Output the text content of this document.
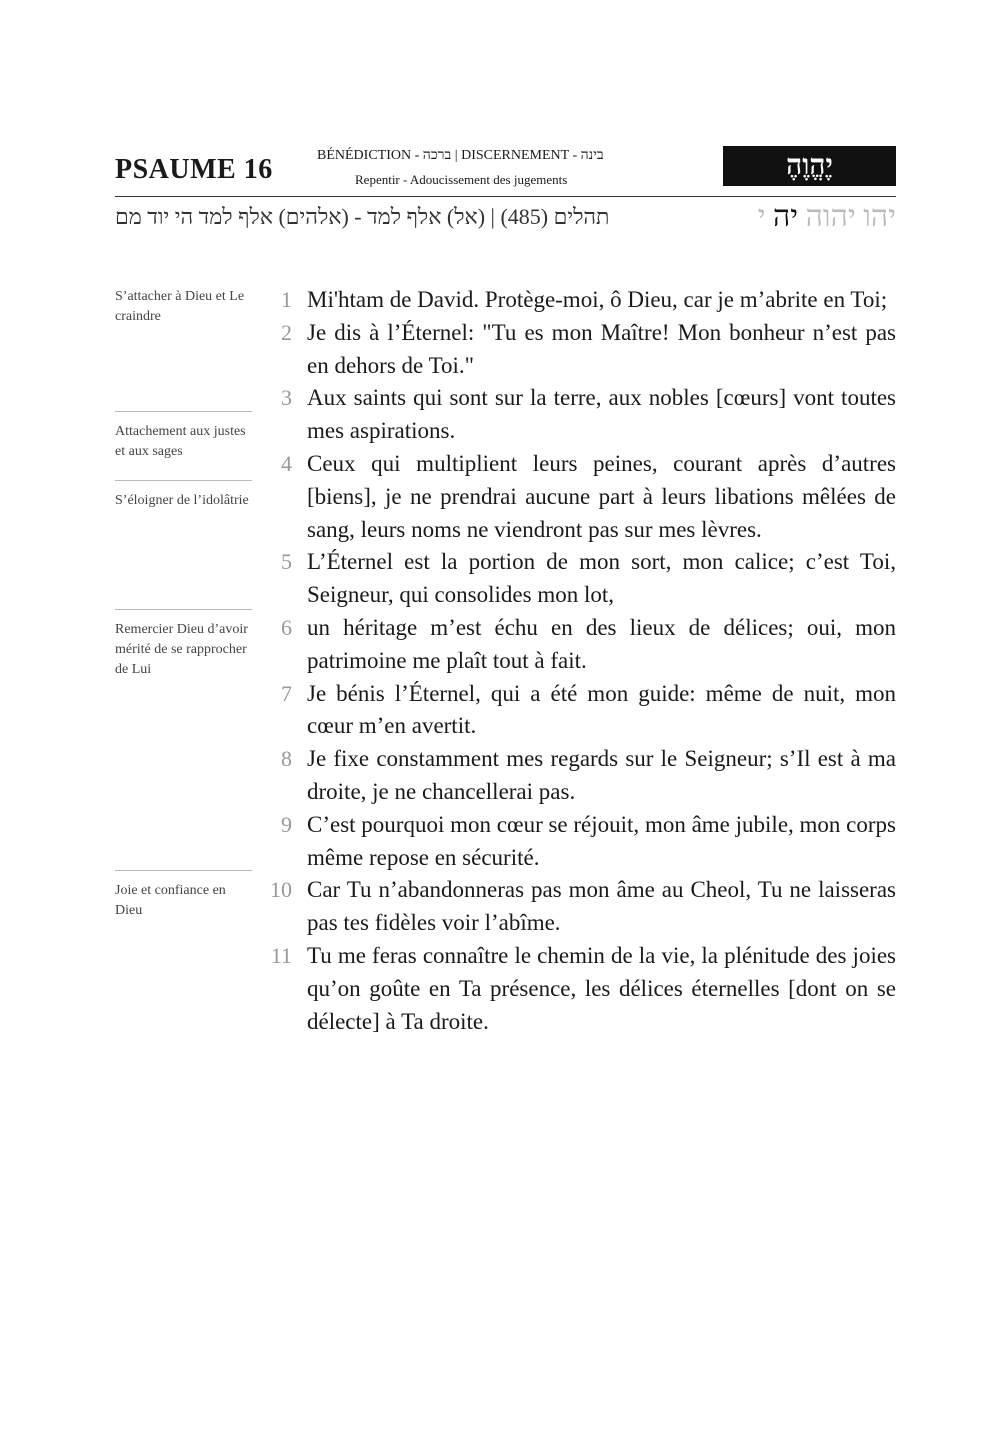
PSAUME 16	BÉNÉDICTION - ברכה | DISCERNEMENT - בינה
Repentir - Adoucissement des jugements	יֶהֱוֶהֶ
תהלים (485) | (אל) אלף למד - (אלהים) אלף למד הי יוד מם	יהו יהוה יה י
S’attacher à Dieu et Le craindre
Attachement aux justes et aux sages
S’éloigner de l’idolâtrie
Remercier Dieu d’avoir mérité de se rapprocher de Lui
Joie et confiance en Dieu
1 Mi'htam de David. Protège-moi, ô Dieu, car je m’abrite en Toi;
2 Je dis à l’Éternel: "Tu es mon Maître! Mon bonheur n’est pas en dehors de Toi."
3 Aux saints qui sont sur la terre, aux nobles [cœurs] vont toutes mes aspirations.
4 Ceux qui multiplient leurs peines, courant après d’autres [biens], je ne prendrai aucune part à leurs libations mêlées de sang, leurs noms ne viendront pas sur mes lèvres.
5 L’Éternel est la portion de mon sort, mon calice; c’est Toi, Seigneur, qui consolides mon lot,
6 un héritage m’est échu en des lieux de délices; oui, mon patrimoine me plaît tout à fait.
7 Je bénis l’Éternel, qui a été mon guide: même de nuit, mon cœur m’en avertit.
8 Je fixe constamment mes regards sur le Seigneur; s’Il est à ma droite, je ne chancellerai pas.
9 C’est pourquoi mon cœur se réjouit, mon âme jubile, mon corps même repose en sécurité.
10 Car Tu n’abandonneras pas mon âme au Cheol, Tu ne laisseras pas tes fidèles voir l’abîme.
11 Tu me feras connaître le chemin de la vie, la plénitude des joies qu’on goûte en Ta présence, les délices éternelles [dont on se délecte] à Ta droite.
